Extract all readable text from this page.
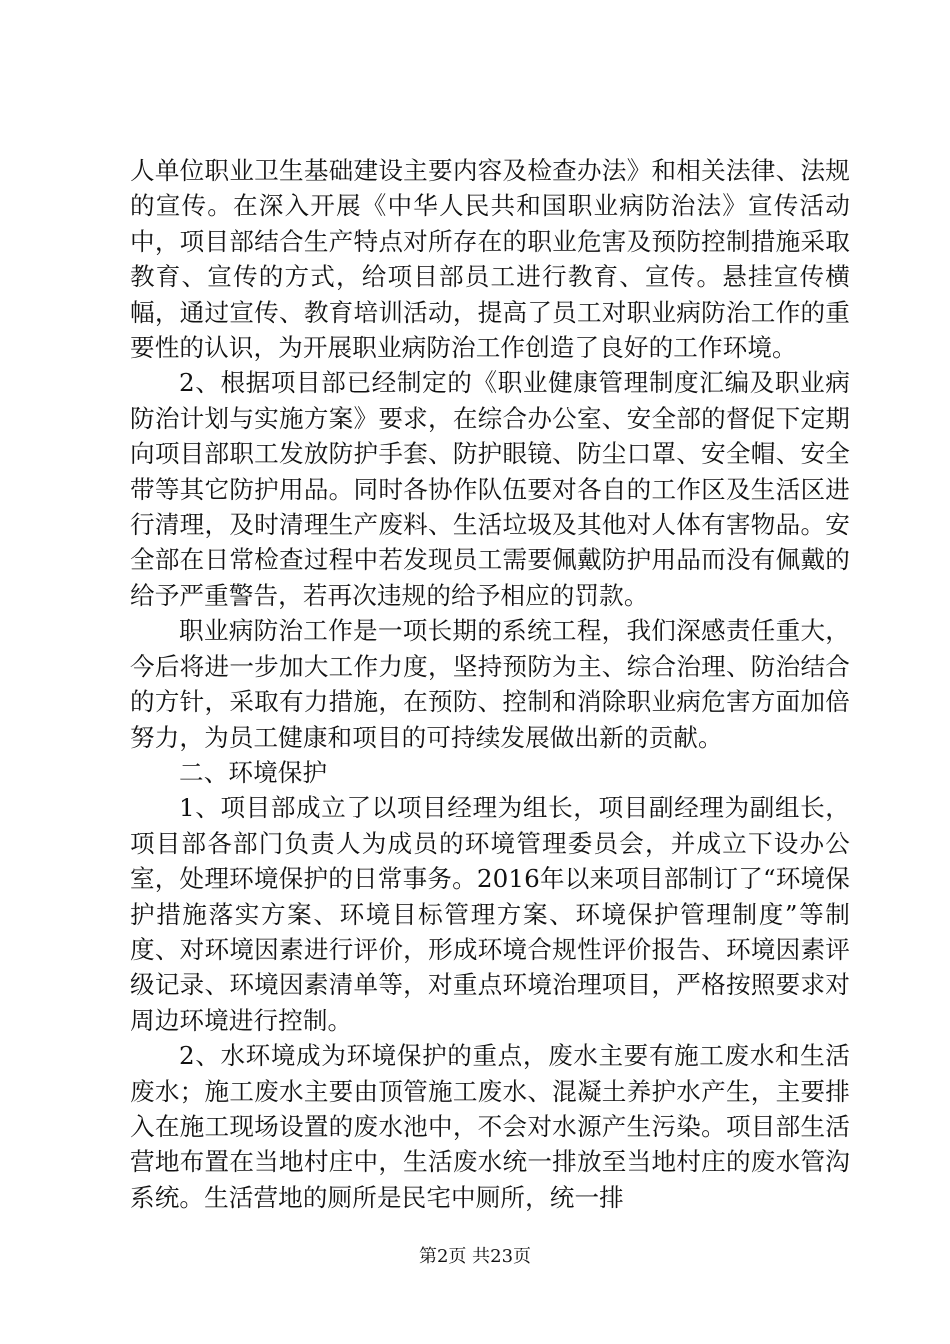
人单位职业卫生基础建设主要内容及检查办法》和相关法律、法规的宣传。在深入开展《中华人民共和国职业病防治法》宣传活动中，项目部结合生产特点对所存在的职业危害及预防控制措施采取教育、宣传的方式，给项目部员工进行教育、宣传。悬挂宣传横幅，通过宣传、教育培训活动，提高了员工对职业病防治工作的重要性的认识，为开展职业病防治工作创造了良好的工作环境。

2、根据项目部已经制定的《职业健康管理制度汇编及职业病防治计划与实施方案》要求，在综合办公室、安全部的督促下定期向项目部职工发放防护手套、防护眼镜、防尘口罩、安全帽、安全带等其它防护用品。同时各协作队伍要对各自的工作区及生活区进行清理，及时清理生产废料、生活垃圾及其他对人体有害物品。安全部在日常检查过程中若发现员工需要佩戴防护用品而没有佩戴的给予严重警告，若再次违规的给予相应的罚款。

职业病防治工作是一项长期的系统工程，我们深感责任重大，今后将进一步加大工作力度，坚持预防为主、综合治理、防治结合的方针，采取有力措施，在预防、控制和消除职业病危害方面加倍努力，为员工健康和项目的可持续发展做出新的贡献。

二、环境保护

1、项目部成立了以项目经理为组长，项目副经理为副组长，项目部各部门负责人为成员的环境管理委员会，并成立下设办公室，处理环境保护的日常事务。2016年以来项目部制订了“环境保护措施落实方案、环境目标管理方案、环境保护管理制度”等制度、对环境因素进行评价，形成环境合规性评价报告、环境因素评级记录、环境因素清单等，对重点环境治理项目，严格按照要求对周边环境进行控制。

2、水环境成为环境保护的重点，废水主要有施工废水和生活废水；施工废水主要由顶管施工废水、混凝土养护水产生，主要排入在施工现场设置的废水池中，不会对水源产生污染。项目部生活营地布置在当地村庄中，生活废水统一排放至当地村庄的废水管沟系统。生活营地的厕所是民宅中厕所，统一排

第2页 共23页
